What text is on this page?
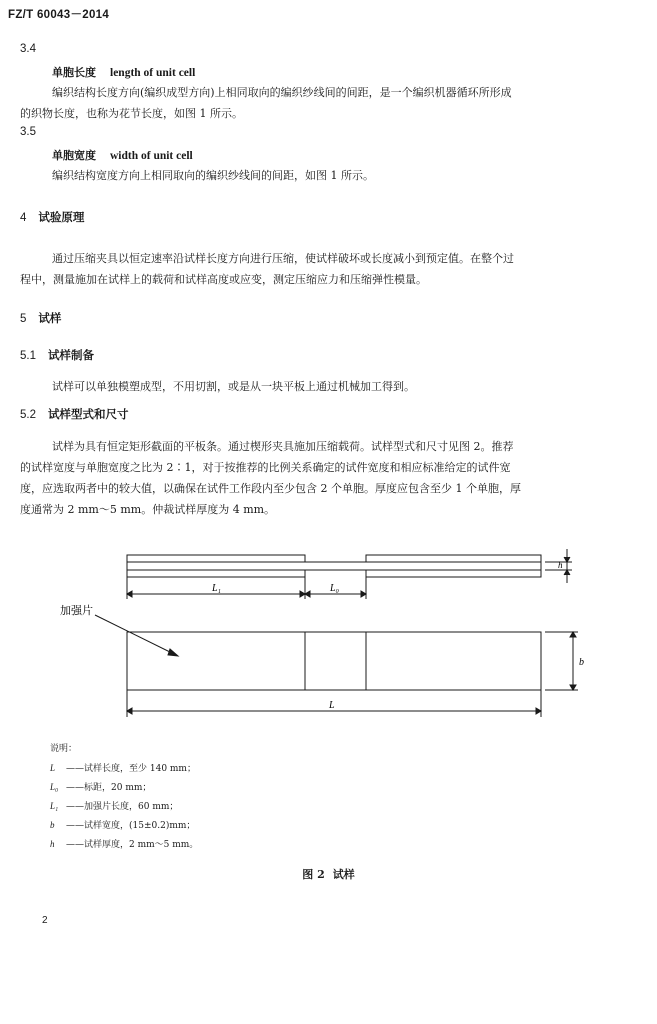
FZ/T 60043－2014
3.4
单胞长度 length of unit cell
编织结构长度方向(编织成型方向)上相同取向的编织纱线间的间距，是一个编织机器循环所形成
的织物长度，也称为花节长度，如图 1 所示。
3.5
单胞宽度 width of unit cell
编织结构宽度方向上相同取向的编织纱线间的间距，如图 1 所示。
4 试验原理
通过压缩夹具以恒定速率沿试样长度方向进行压缩，使试样破坏或长度减小到预定值。在整个过
程中，测量施加在试样上的载荷和试样高度或应变，测定压缩应力和压缩弹性模量。
5 试样
5.1 试样制备
试样可以单独模塑成型，不用切割，或是从一块平板上通过机械加工得到。
5.2 试样型式和尺寸
试样为具有恒定矩形截面的平板条。通过楔形夹具施加压缩载荷。试样型式和尺寸见图 2。推荐
的试样宽度与单胞宽度之比为 2∶1，对于按推荐的比例关系确定的试件宽度和相应标准给定的试件宽
度，应选取两者中的较大值，以确保在试件工作段内至少包含 2 个单胞。厚度应包含至少 1 个单胞，厚
度通常为 2 mm～5 mm。仲裁试样厚度为 4 mm。
L₁	L₀
L
b
h
加强片
说明：
L ——试样长度，至少 140 mm；
L₀ ——标距，20 mm；
L₁ ——加强片长度，60 mm；
b ——试样宽度，(15±0.2)mm；
h ——试样厚度，2 mm～5 mm。
图 2 试样
2
